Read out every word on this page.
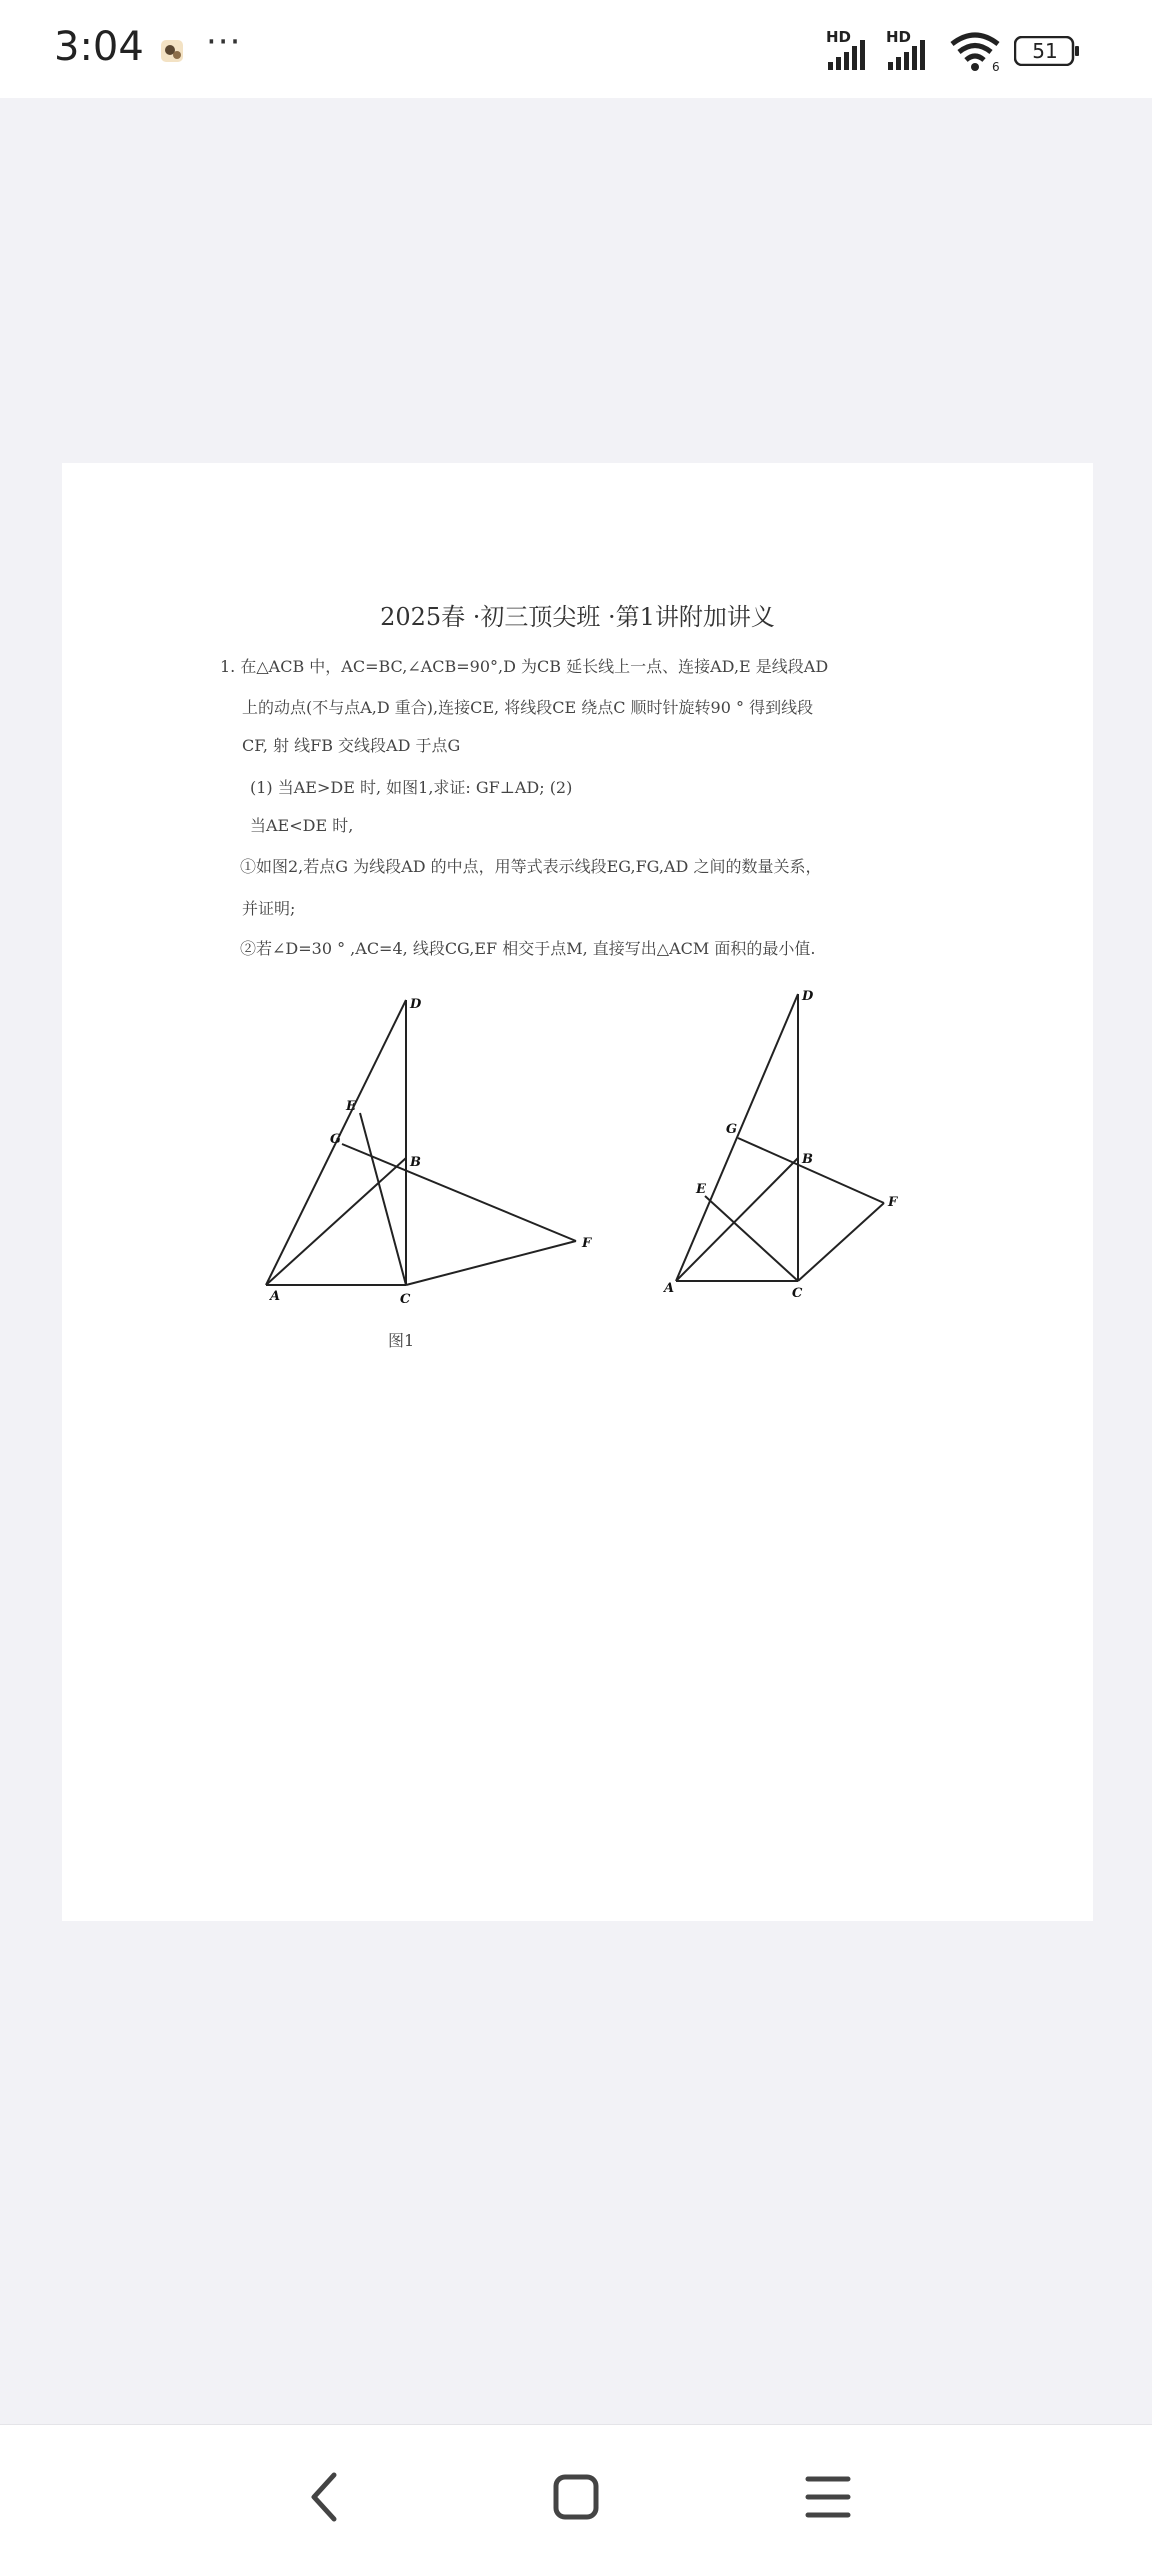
3:04 ···	HD HD
6
51
2025春 ·初三顶尖班 ·第1讲附加讲义
1. 在△ACB 中，AC=BC,∠ACB=90°,D 为CB 延长线上一点、连接AD,E 是线段AD
上的动点(不与点A,D 重合),连接CE, 将线段CE 绕点C 顺时针旋转90 ° 得到线段
CF, 射 线FB 交线段AD 于点G
(1) 当AE>DE 时, 如图1,求证: GF⊥AD; (2)
当AE<DE 时,
①如图2,若点G 为线段AD 的中点，用等式表示线段EG,FG,AD 之间的数量关系，
并证明;
②若∠D=30 ° ,AC=4, 线段CG,EF 相交于点M, 直接写出△ACM 面积的最小值.
D
E
G
B
A	C
F
D
G
B
E
F
A	C
图1
